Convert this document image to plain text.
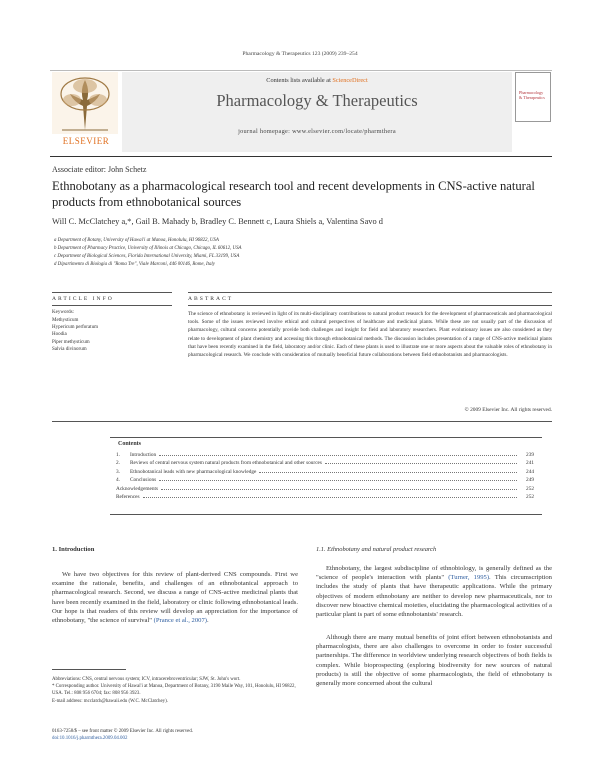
Pharmacology & Therapeutics 123 (2009) 239–254
ELSEVIER
Contents lists available at ScienceDirect
Pharmacology & Therapeutics
journal homepage: www.elsevier.com/locate/pharmthera
Pharmacology & Therapeutics
Associate editor: John Schetz
Ethnobotany as a pharmacological research tool and recent developments in CNS-active natural products from ethnobotanical sources
Will C. McClatchey a,*, Gail B. Mahady b, Bradley C. Bennett c, Laura Shiels a, Valentina Savo d
a Department of Botany, University of Hawai'i at Manoa, Honolulu, HI 96822, USA
b Department of Pharmacy Practice, University of Illinois at Chicago, Chicago, IL 60612, USA
c Department of Biological Sciences, Florida International University, Miami, FL 33199, USA
d Dipartimento di Biologia di "Roma Tre", Viale Marconi, 446 00146, Rome, Italy
ARTICLE INFO	ABSTRACT
Keywords:
Methysticum
Hypericum perforatum
Hoodia
Piper methysticum
Salvia divinorum
The science of ethnobotany is reviewed in light of its multi-disciplinary contributions to natural product research for the development of pharmaceuticals and pharmacological tools. Some of the issues reviewed involve ethical and cultural perspectives of healthcare and medicinal plants. While these are not usually part of the discussion of pharmacology, cultural concerns potentially provide both challenges and insight for field and laboratory researchers. Plant evolutionary issues are also considered as they relate to development of plant chemistry and accessing this through ethnobotanical methods. The discussion includes presentation of a range of CNS-active medicinal plants that have been recently examined in the field, laboratory and/or clinic. Each of these plants is used to illustrate one or more aspects about the valuable roles of ethnobotany in pharmacological research. We conclude with consideration of mutually beneficial future collaborations between field ethnobotanists and pharmacologists.
© 2009 Elsevier Inc. All rights reserved.
Contents
1.	Introduction	239
2.	Reviews of central nervous system natural products from ethnobotanical and other sources	241
3.	Ethnobotanical leads with new pharmacological knowledge	244
4.	Conclusions	249
Acknowledgements	252
References	252
1. Introduction

We have two objectives for this review of plant-derived CNS compounds. First we examine the rationale, benefits, and challenges of an ethnobotanical approach to pharmacological research. Second, we discuss a range of CNS-active medicinal plants that have been recently examined in the field, laboratory or clinic following ethnobotanical leads. Our hope is that readers of this review will develop an appreciation for the importance of ethnobotany, "the science of survival" (Prance et al., 2007).

1.1. Ethnobotany and natural product research

Ethnobotany, the largest subdiscipline of ethnobiology, is generally defined as the "science of people's interaction with plants" (Turner, 1995). This circumscription includes the study of plants that have therapeutic applications. While the primary objectives of modern ethnobotany are neither to develop new pharmaceuticals, nor to discover new bioactive chemical moieties, elucidating the pharmacological activities of a particular plant is part of some ethnobotanists' research.

Although there are many mutual benefits of joint effort between ethnobotanists and pharmacologists, there are also challenges to overcome in order to foster successful partnerships. The difference in worldview underlying research objectives of both fields is complex. While bioprospecting (exploring biodiversity for new sources of natural products) is still the objective of some pharmacologists, the field of ethnobotany is generally more concerned about the cultural

Abbreviations: CNS, central nervous system; ICV, intracerebroventricular; SJW, St. John's wort.
* Corresponding author. University of Hawai'i at Manoa, Department of Botany, 3190 Maile Way, 101, Honolulu, HI 96822, USA. Tel.: 808 956 6704; fax: 808 956 3923.
E-mail address: mcclatch@hawaii.edu (W.C. McClatchey).
0163-7258/$ – see front matter © 2009 Elsevier Inc. All rights reserved.
doi:10.1016/j.pharmthera.2009.04.002
